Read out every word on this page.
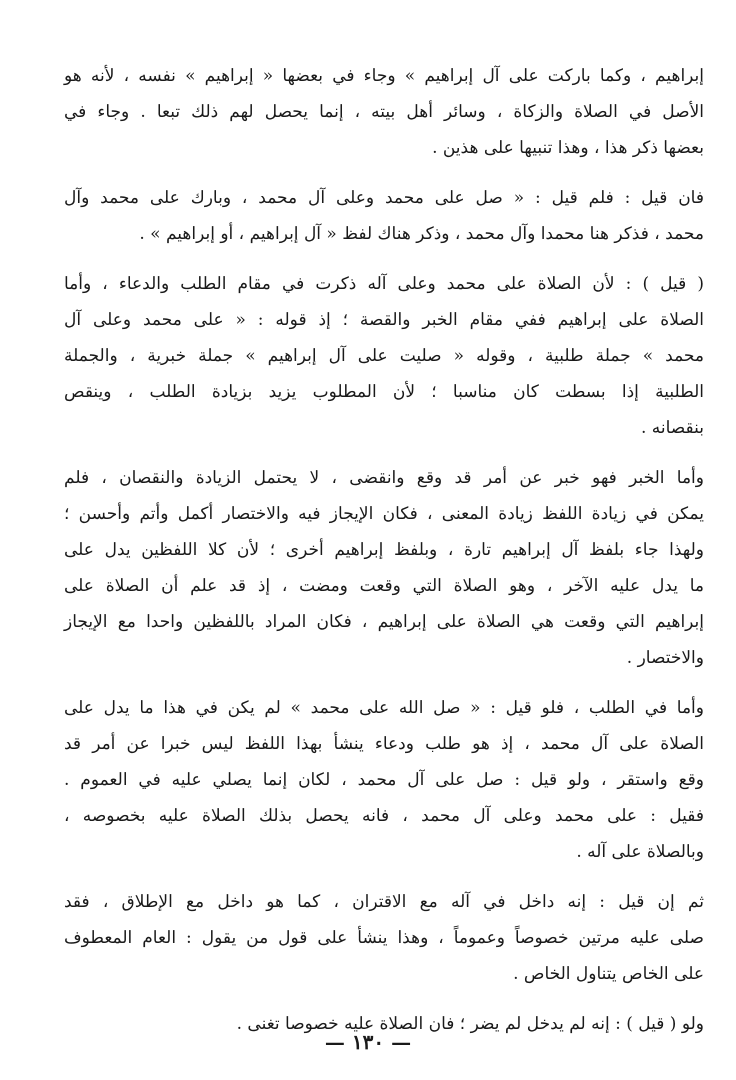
إبراهيم ، وكما باركت على آل إبراهيم » وجاء في بعضها « إبراهيم » نفسه ، لأنه هو
الأصل في الصلاة والزكاة ، وسائر أهل بيته ، إنما يحصل لهم ذلك تبعا . وجاء في
بعضها ذكر هذا ، وهذا تنبيها على هذين .
فان قيل : فلم قيل : « صل على محمد وعلى آل محمد ، وبارك على محمد وآل
محمد ، فذكر هنا محمدا وآل محمد ، وذكر هناك لفظ « آل إبراهيم ، أو إبراهيم » .
( قيل ) : لأن الصلاة على محمد وعلى آله ذكرت في مقام الطلب والدعاء ، وأما
الصلاة على إبراهيم ففي مقام الخبر والقصة ؛ إذ قوله : « على محمد وعلى آل
محمد » جملة طلبية ، وقوله « صليت على آل إبراهيم » جملة خبرية ، والجملة
الطلبية إذا بسطت كان مناسبا ؛ لأن المطلوب يزيد بزيادة الطلب ، وينقص
بنقصانه .
وأما الخبر فهو خبر عن أمر قد وقع وانقضى ، لا يحتمل الزيادة والنقصان ، فلم
يمكن في زيادة اللفظ زيادة المعنى ، فكان الإيجاز فيه والاختصار أكمل وأتم وأحسن ؛
ولهذا جاء بلفظ آل إبراهيم تارة ، وبلفظ إبراهيم أخرى ؛ لأن كلا اللفظين يدل على
ما يدل عليه الآخر ، وهو الصلاة التي وقعت ومضت ، إذ قد علم أن الصلاة على
إبراهيم التي وقعت هي الصلاة على إبراهيم ، فكان المراد باللفظين واحدا مع الإيجاز
والاختصار .
وأما في الطلب ، فلو قيل : « صل الله على محمد » لم يكن في هذا ما يدل على
الصلاة على آل محمد ، إذ هو طلب ودعاء ينشأ بهذا اللفظ ليس خبرا عن أمر قد
وقع واستقر ، ولو قيل : صل على آل محمد ، لكان إنما يصلي عليه في العموم .
فقيل : على محمد وعلى آل محمد ، فانه يحصل بذلك الصلاة عليه بخصوصه ،
وبالصلاة على آله .
ثم إن قيل : إنه داخل في آله مع الاقتران ، كما هو داخل مع الإطلاق ، فقد
صلى عليه مرتين خصوصاً وعموماً ، وهذا ينشأ على قول من يقول : العام المعطوف
على الخاص يتناول الخاص .
ولو ( قيل ) : إنه لم يدخل لم يضر ؛ فان الصلاة عليه خصوصا تغنى .
— ١٣٠ —
